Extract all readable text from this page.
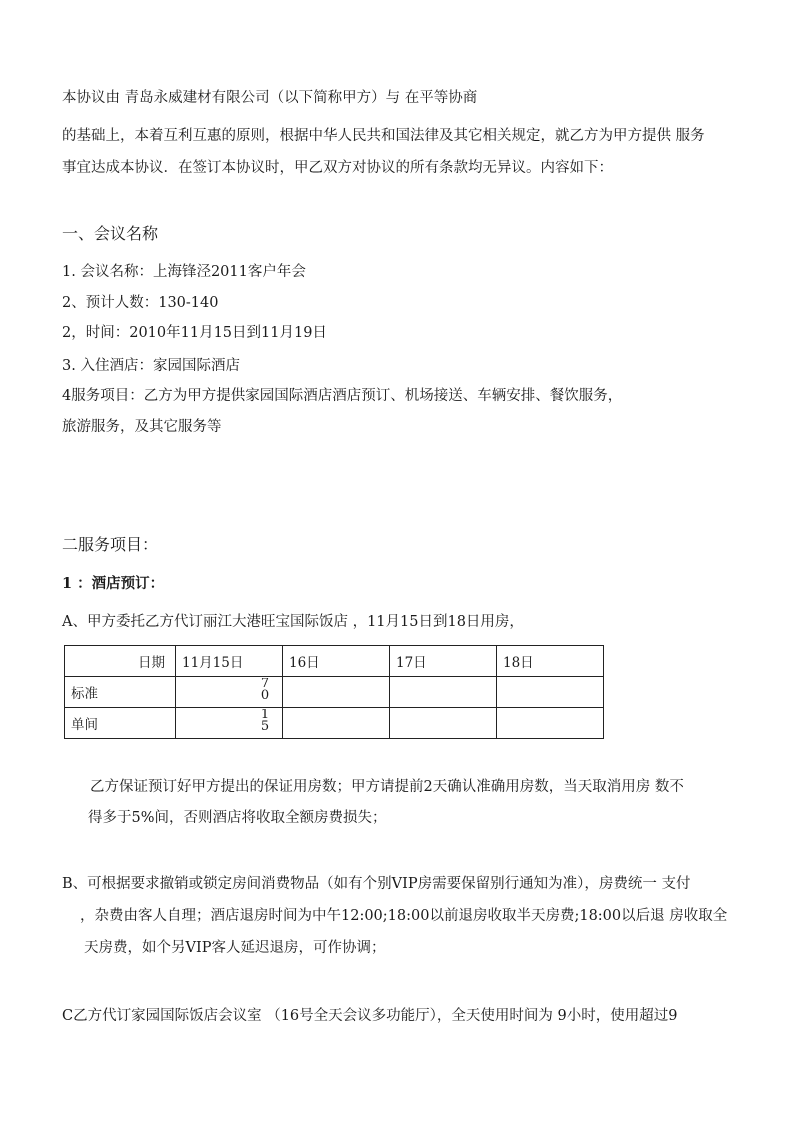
本协议由 青岛永威建材有限公司（以下简称甲方）与 在平等协商
的基础上，本着互利互惠的原则，根据中华人民共和国法律及其它相关规定，就乙方为甲方提供 服务
事宜达成本协议．在签订本协议时，甲乙双方对协议的所有条款均无异议。内容如下：
一、会议名称
1. 会议名称：上海锋泾2011客户年会
2、预计人数：130-140
2，时间：2010年11月15日到11月19日
3. 入住酒店：家园国际酒店
4服务项目：乙方为甲方提供家园国际酒店酒店预订、机场接送、车辆安排、餐饮服务，
旅游服务，及其它服务等
二服务项目：
1 ：酒店预订：
A、甲方委托乙方代订丽江大港旺宝国际饭店 ，11月15日到18日用房，
日期	11月15日	16日	17日	18日
标准	70			

单间	15			

乙方保证预订好甲方提出的保证用房数；甲方请提前2天确认准确用房数，当天取消用房 数不
得多于5%间，否则酒店将收取全额房费损失；
B、可根据要求撤销或锁定房间消费物品（如有个别VIP房需要保留别行通知为准），房费统一 支付
，杂费由客人自理；酒店退房时间为中午12:00;18:00以前退房收取半天房费;18:00以后退 房收取全
天房费，如个另VIP客人延迟退房，可作协调；
C乙方代订家园国际饭店会议室 （16号全天会议多功能厅），全天使用时间为 9小时，使用超过9
